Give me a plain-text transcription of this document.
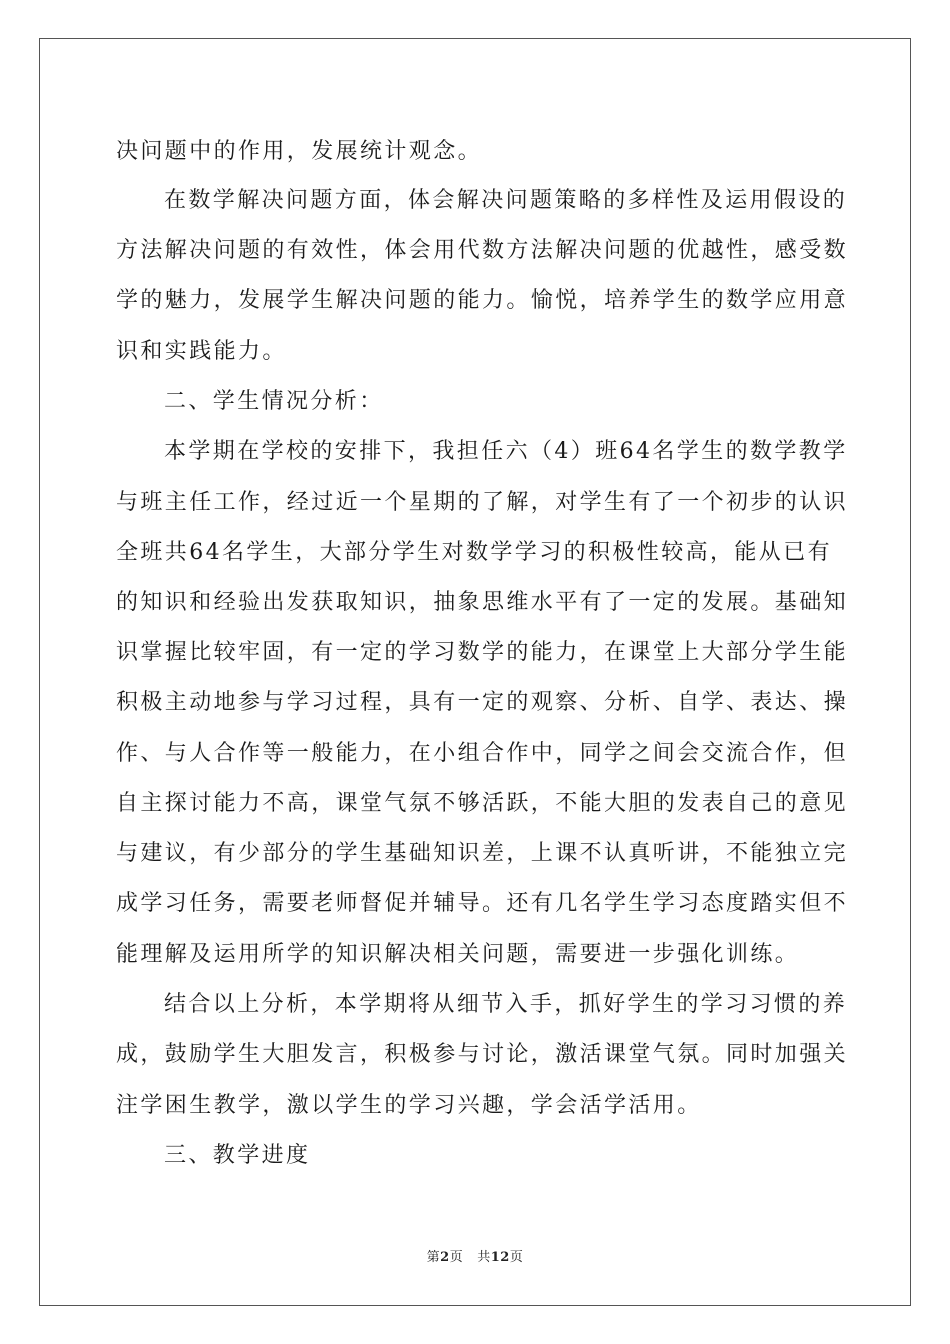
决问题中的作用，发展统计观念。
在数学解决问题方面，体会解决问题策略的多样性及运用假设的
方法解决问题的有效性，体会用代数方法解决问题的优越性，感受数
学的魅力，发展学生解决问题的能力。愉悦，培养学生的数学应用意
识和实践能力。
二、学生情况分析：
本学期在学校的安排下，我担任六（4）班64名学生的数学教学
与班主任工作，经过近一个星期的了解，对学生有了一个初步的认识
全班共64名学生，大部分学生对数学学习的积极性较高，能从已有
的知识和经验出发获取知识，抽象思维水平有了一定的发展。基础知
识掌握比较牢固，有一定的学习数学的能力，在课堂上大部分学生能
积极主动地参与学习过程，具有一定的观察、分析、自学、表达、操
作、与人合作等一般能力，在小组合作中，同学之间会交流合作，但
自主探讨能力不高，课堂气氛不够活跃，不能大胆的发表自己的意见
与建议，有少部分的学生基础知识差，上课不认真听讲，不能独立完
成学习任务，需要老师督促并辅导。还有几名学生学习态度踏实但不
能理解及运用所学的知识解决相关问题，需要进一步强化训练。
结合以上分析，本学期将从细节入手，抓好学生的学习习惯的养
成，鼓励学生大胆发言，积极参与讨论，激活课堂气氛。同时加强关
注学困生教学，激以学生的学习兴趣，学会活学活用。
三、教学进度
第2页 共12页
